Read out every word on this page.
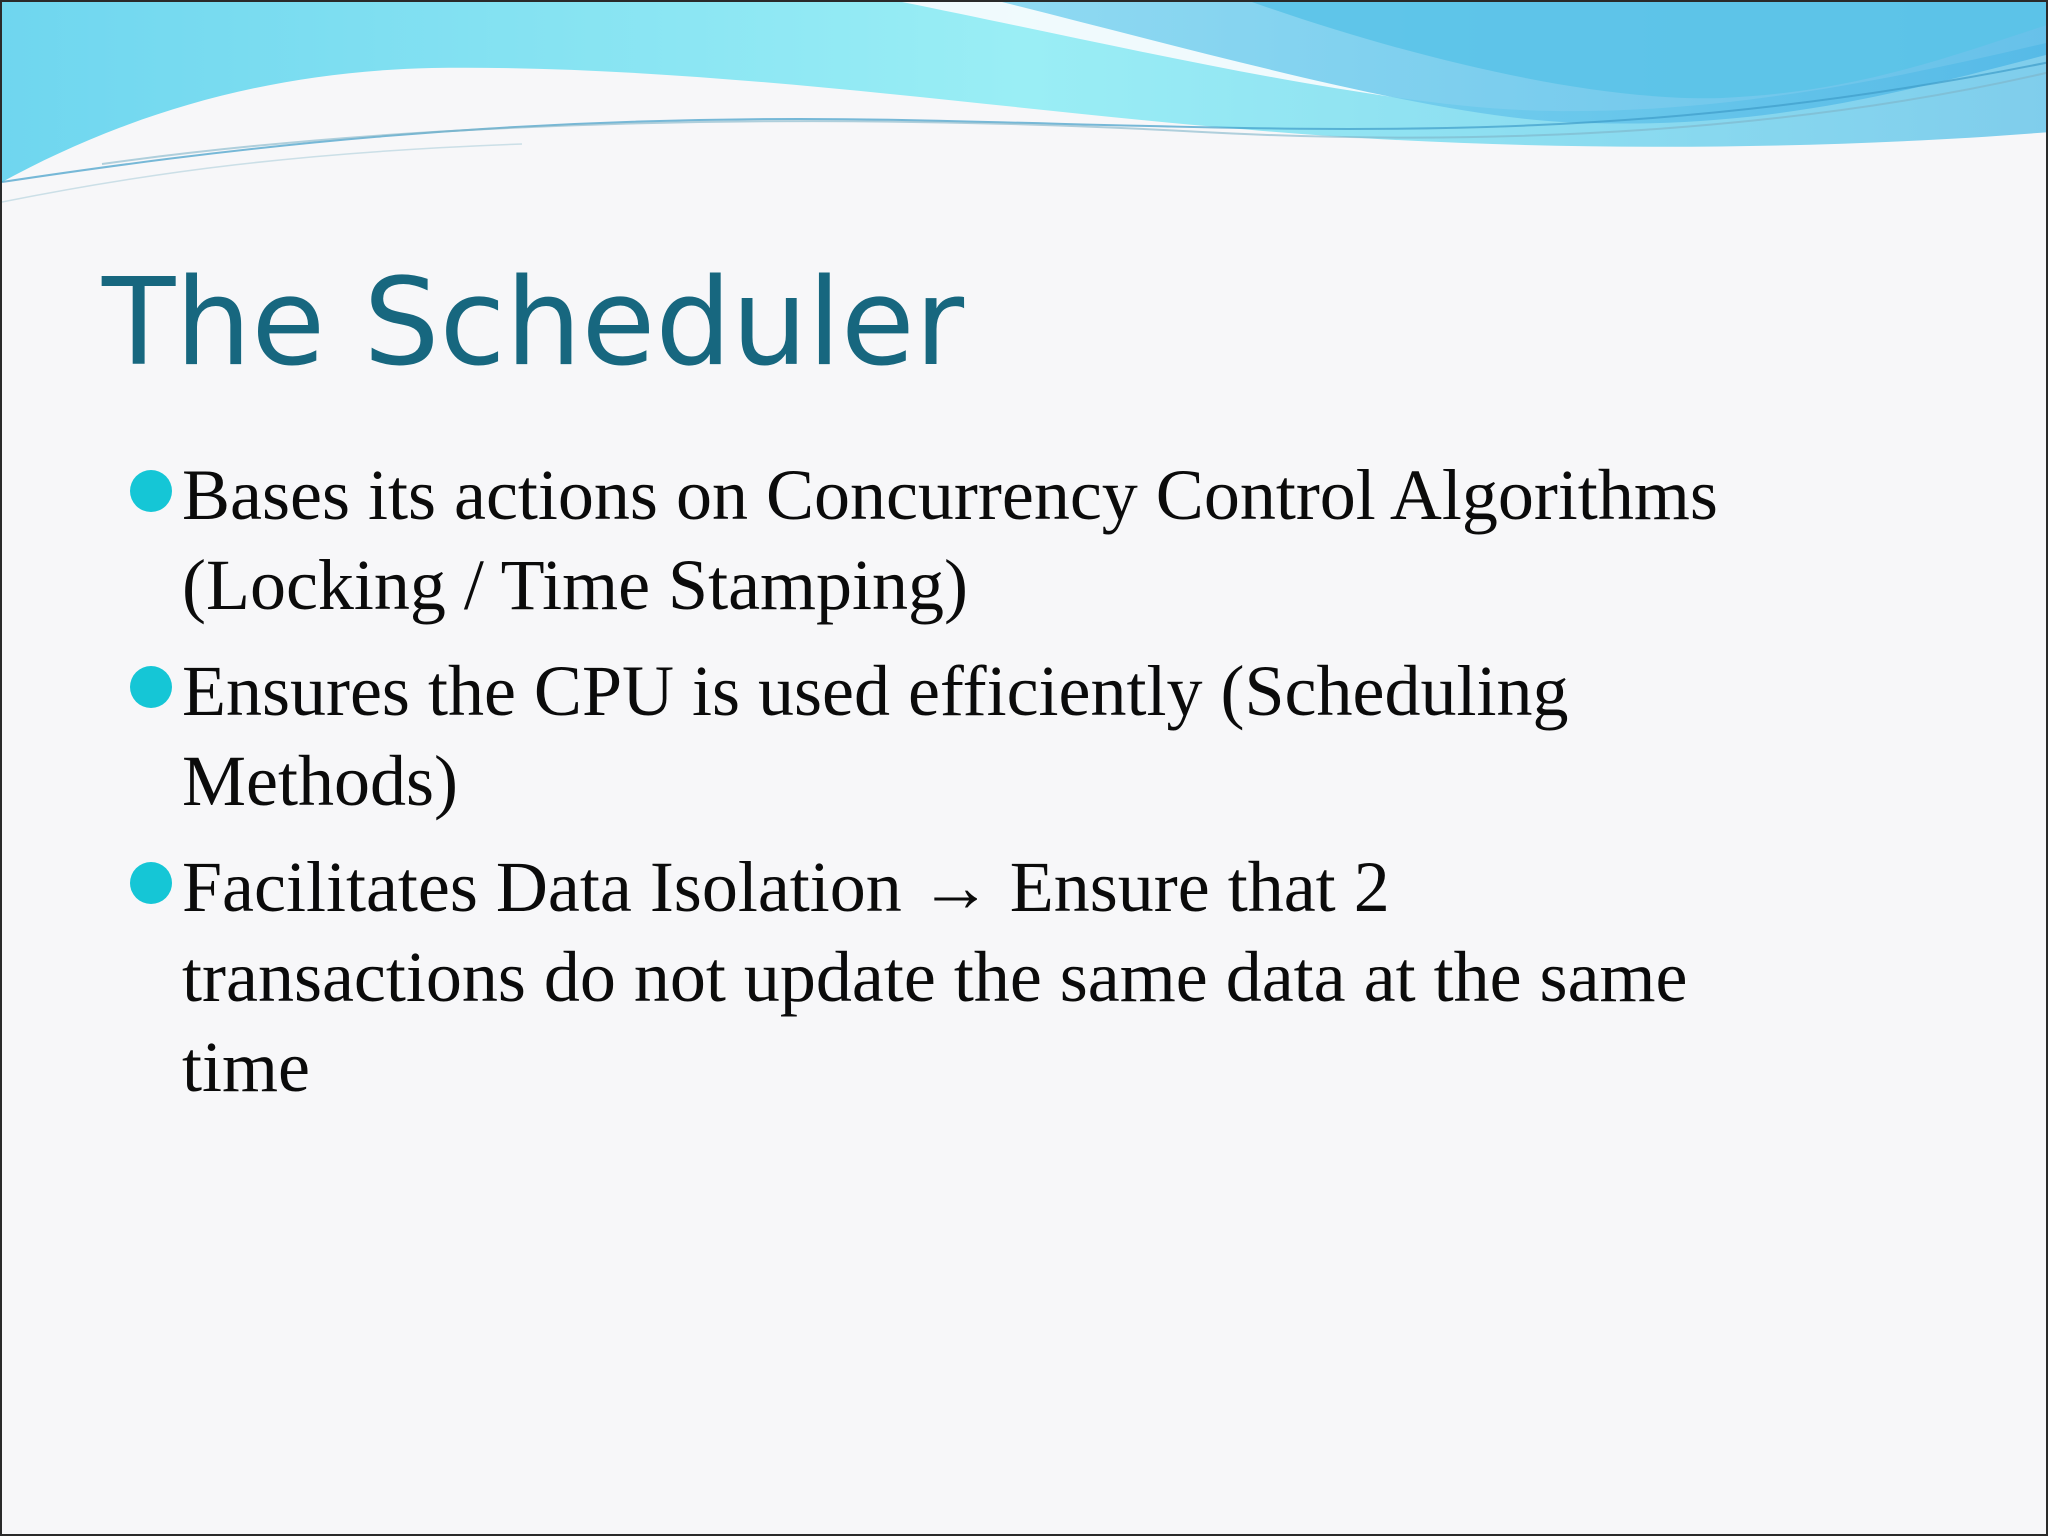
The Scheduler
Bases its actions on Concurrency Control Algorithms
(Locking / Time Stamping)
Ensures the CPU is used efficiently (Scheduling
Methods)
Facilitates Data Isolation → Ensure that 2
transactions do not update the same data at the same
time
